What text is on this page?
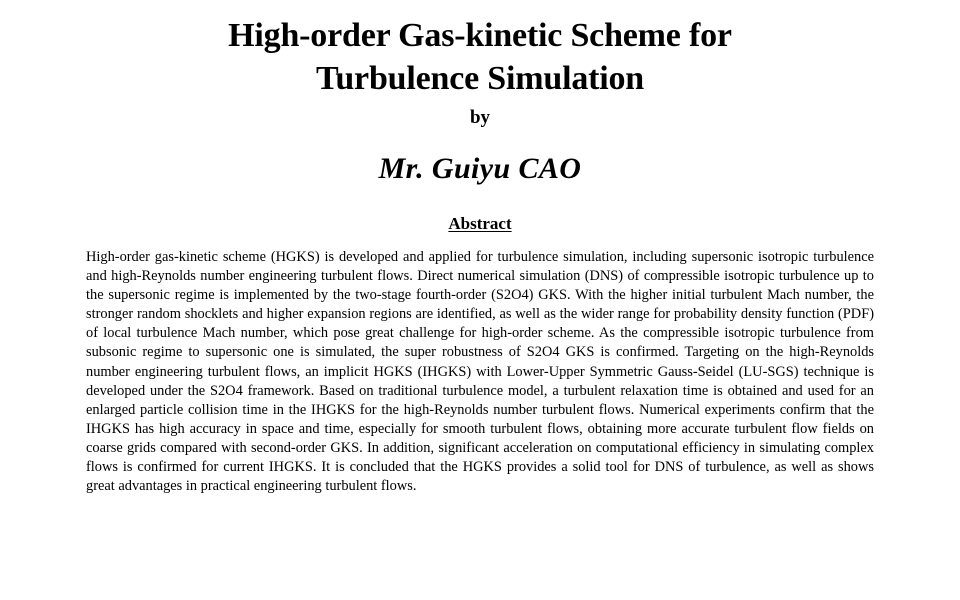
High-order Gas-kinetic Scheme for
Turbulence Simulation
by
Mr. Guiyu CAO
Abstract

High-order gas-kinetic scheme (HGKS) is developed and applied for turbulence simulation, including supersonic isotropic turbulence and high-Reynolds number engineering turbulent flows. Direct numerical simulation (DNS) of compressible isotropic turbulence up to the supersonic regime is implemented by the two-stage fourth-order (S2O4) GKS. With the higher initial turbulent Mach number, the stronger random shocklets and higher expansion regions are identified, as well as the wider range for probability density function (PDF) of local turbulence Mach number, which pose great challenge for high-order scheme. As the compressible isotropic turbulence from subsonic regime to supersonic one is simulated, the super robustness of S2O4 GKS is confirmed. Targeting on the high-Reynolds number engineering turbulent flows, an implicit HGKS (IHGKS) with Lower-Upper Symmetric Gauss-Seidel (LU-SGS) technique is developed under the S2O4 framework. Based on traditional turbulence model, a turbulent relaxation time is obtained and used for an enlarged particle collision time in the IHGKS for the high-Reynolds number turbulent flows. Numerical experiments confirm that the IHGKS has high accuracy in space and time, especially for smooth turbulent flows, obtaining more accurate turbulent flow fields on coarse grids compared with second-order GKS. In addition, significant acceleration on computational efficiency in simulating complex flows is confirmed for current IHGKS. It is concluded that the HGKS provides a solid tool for DNS of turbulence, as well as shows great advantages in practical engineering turbulent flows.
